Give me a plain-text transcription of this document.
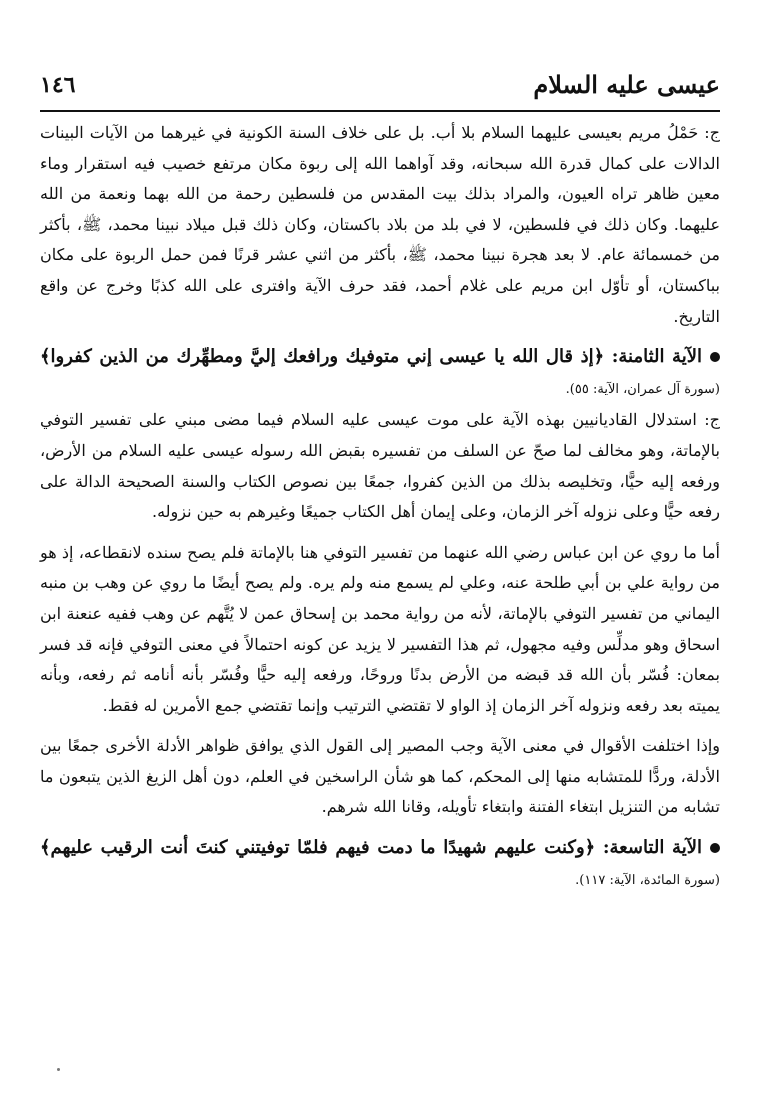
عيسى عليه السلام
١٤٦

ج: حَمْلُ مريم بعيسى عليهما السلام بلا أب. بل على خلاف السنة الكونية في غيرهما من الآيات البينات الدالات على كمال قدرة الله سبحانه، وقد آواهما الله إلى ربوة مكان مرتفع خصيب فيه استقرار وماء معين ظاهر تراه العيون، والمراد بذلك بيت المقدس من فلسطين رحمة من الله بهما ونعمة من الله عليهما. وكان ذلك في فلسطين، لا في بلد من بلاد باكستان، وكان ذلك قبل ميلاد نبينا محمد، ﷺ، بأكثر من خمسمائة عام. لا بعد هجرة نبينا محمد، ﷺ، بأكثر من اثني عشر قرنًا فمن حمل الربوة على مكان بباكستان، أو تأوّل ابن مريم على غلام أحمد، فقد حرف الآية وافترى على الله كذبًا وخرج عن واقع التاريخ.

الآية الثامنة: ﴿إذ قال الله يا عيسى إني متوفيك ورافعك إليَّ ومطهِّرك من الذين كفروا﴾ (سورة آل عمران، الآية: ٥٥).

ج: استدلال القاديانيين بهذه الآية على موت عيسى عليه السلام فيما مضى مبني على تفسير التوفي بالإماتة، وهو مخالف لما صحّ عن السلف من تفسيره بقبض الله رسوله عيسى عليه السلام من الأرض، ورفعه إليه حيًّا، وتخليصه بذلك من الذين كفروا، جمعًا بين نصوص الكتاب والسنة الصحيحة الدالة على رفعه حيًّا وعلى نزوله آخر الزمان، وعلى إيمان أهل الكتاب جميعًا وغيرهم به حين نزوله.

أما ما روي عن ابن عباس رضي الله عنهما من تفسير التوفي هنا بالإماتة فلم يصح سنده لانقطاعه، إذ هو من رواية علي بن أبي طلحة عنه، وعلي لم يسمع منه ولم يره. ولم يصح أيضًا ما روي عن وهب بن منبه اليماني من تفسير التوفي بالإماتة، لأنه من رواية محمد بن إسحاق عمن لا يُتَّهم عن وهب ففيه عنعنة ابن اسحاق وهو مدلِّس وفيه مجهول، ثم هذا التفسير لا يزيد عن كونه احتمالاً في معنى التوفي فإنه قد فسر بمعان: فُسّر بأن الله قد قبضه من الأرض بدنًا وروحًا، ورفعه إليه حيًّا وفُسّر بأنه أنامه ثم رفعه، وبأنه يميته بعد رفعه ونزوله آخر الزمان إذ الواو لا تقتضي الترتيب وإنما تقتضي جمع الأمرين له فقط.

وإذا اختلفت الأقوال في معنى الآية وجب المصير إلى القول الذي يوافق ظواهر الأدلة الأخرى جمعًا بين الأدلة، وردًّا للمتشابه منها إلى المحكم، كما هو شأن الراسخين في العلم، دون أهل الزيغ الذين يتبعون ما تشابه من التنزيل ابتغاء الفتنة وابتغاء تأويله، وقانا الله شرهم.

الآية التاسعة: ﴿وكنت عليهم شهيدًا ما دمت فيهم فلمّا توفيتني كنتَ أنت الرقيب عليهم﴾ (سورة المائدة، الآية: ١١٧).
